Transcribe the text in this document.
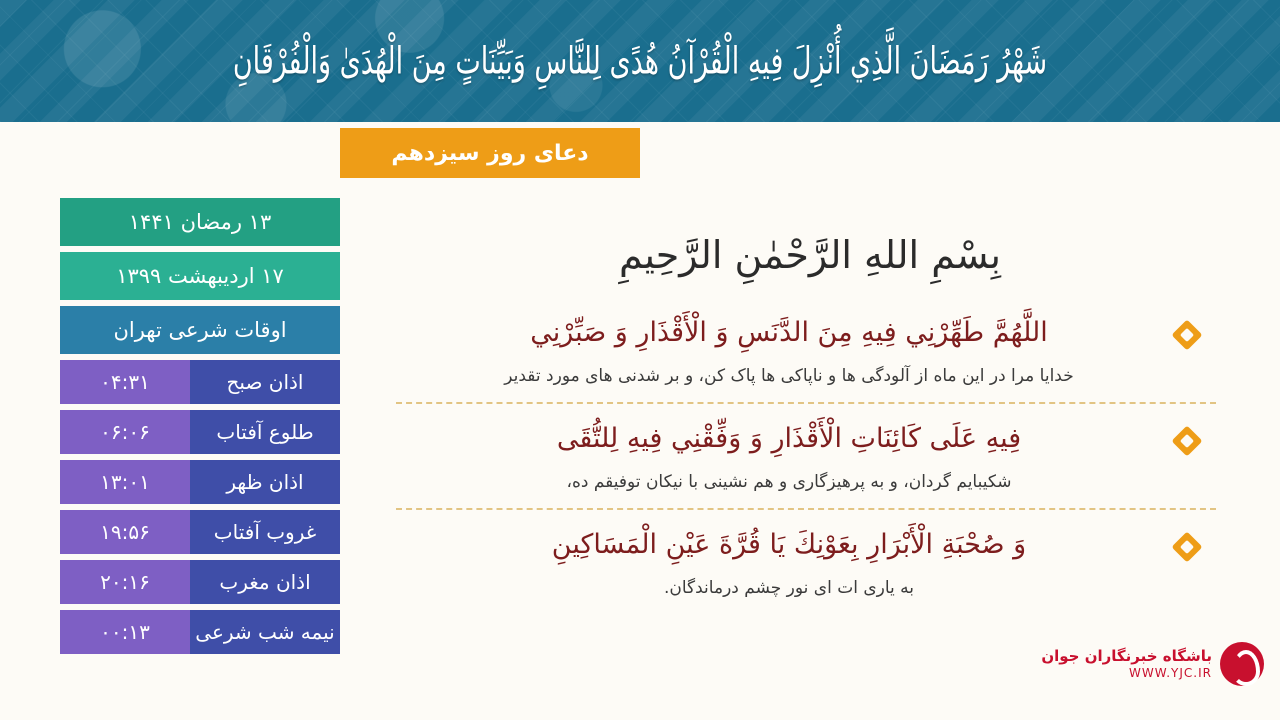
شَهْرُ رَمَضَانَ الَّذِي أُنْزِلَ فِيهِ الْقُرْآنُ هُدًى لِلنَّاسِ وَبَيِّنَاتٍ مِنَ الْهُدَىٰ وَالْفُرْقَانِ
دعای روز سیزدهم
بِسْمِ اللهِ الرَّحْمٰنِ الرَّحِيمِ
اللَّهُمَّ طَهِّرْنِي فِيهِ مِنَ الدَّنَسِ وَ الْأَقْذَارِ وَ صَبِّرْنِي
خدایا مرا در این ماه از آلودگی ها و ناپاکی ها پاک کن، و بر شدنی های مورد تقدیر
فِيهِ عَلَى كَائِنَاتِ الْأَقْذَارِ وَ وَفِّقْنِي فِيهِ لِلتُّقَى
شکیبایم گردان، و به پرهیزگاری و هم نشینی با نیکان توفیقم ده،
وَ صُحْبَةِ الْأَبْرَارِ بِعَوْنِكَ يَا قُرَّةَ عَيْنِ الْمَسَاكِينِ
به یاری ات ای نور چشم درماندگان.
۱۳ رمضان ۱۴۴۱
۱۷ اردیبهشت ۱۳۹۹
اوقات شرعی تهران
اذان صبح
۰۴:۳۱
طلوع آفتاب
۰۶:۰۶
اذان ظهر
۱۳:۰۱
غروب آفتاب
۱۹:۵۶
اذان مغرب
۲۰:۱۶
نیمه شب شرعی
۰۰:۱۳
باشگاه خبرنگاران جوان
WWW.YJC.IR
